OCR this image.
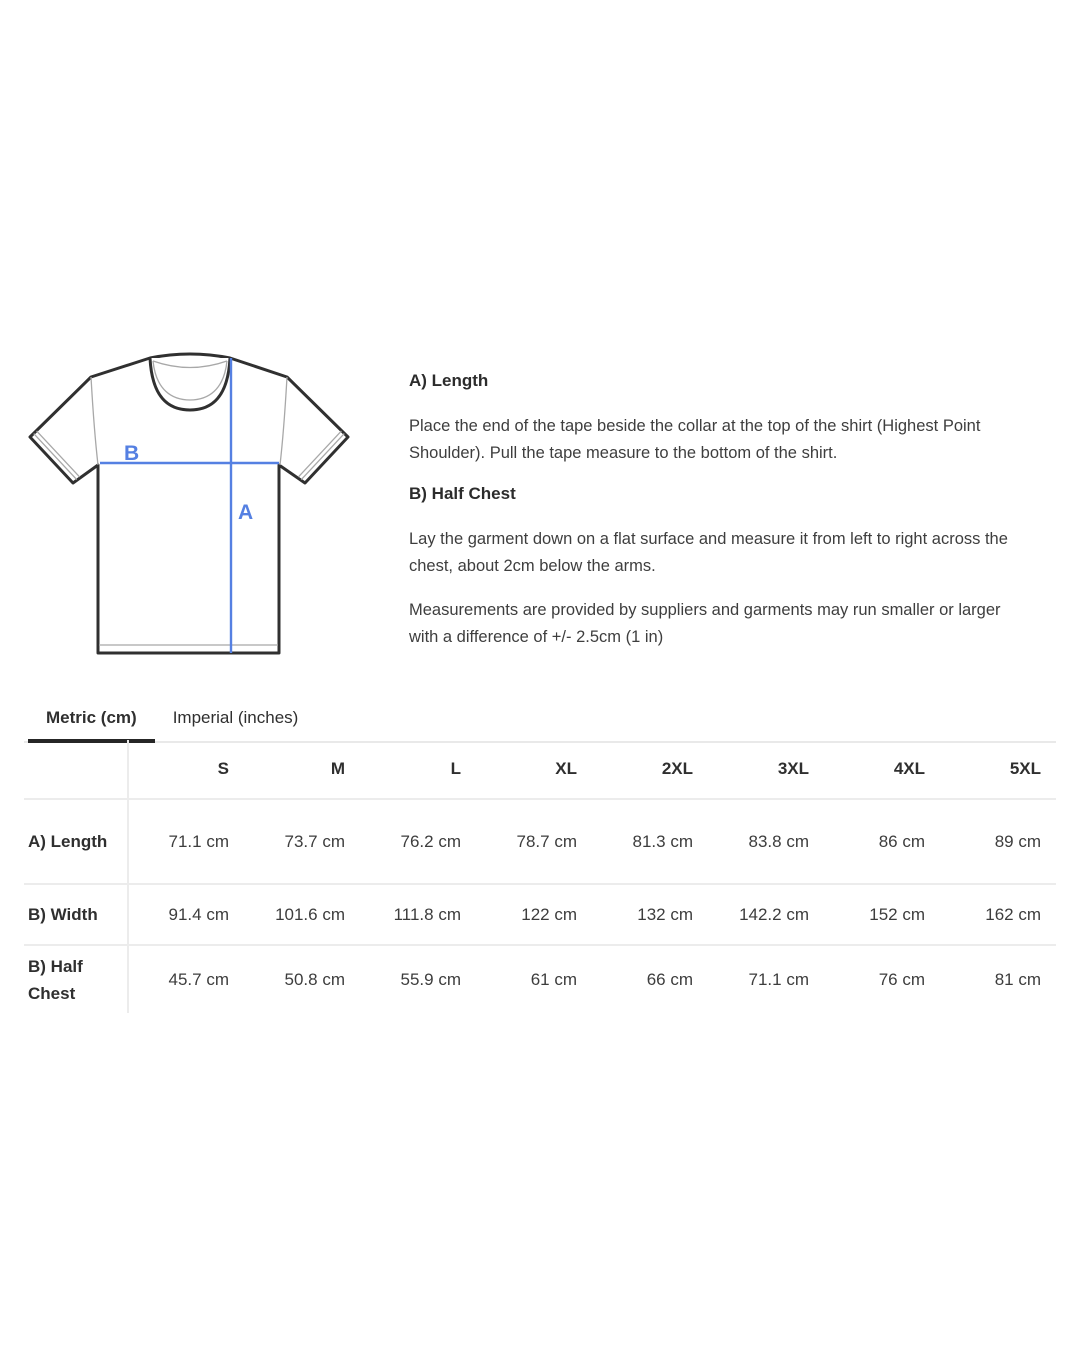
B
A
A) Length

Place the end of the tape beside the collar at the top of the shirt (Highest Point Shoulder). Pull the tape measure to the bottom of the shirt.

B) Half Chest

Lay the garment down on a flat surface and measure it from left to right across the chest, about 2cm below the arms.

Measurements are provided by suppliers and garments may run smaller or larger with a difference of +/- 2.5cm (1 in)

Metric (cm)	Imperial (inches)
	S	M	L	XL	2XL	3XL	4XL	5XL
A) Length	71.1 cm	73.7 cm	76.2 cm	78.7 cm	81.3 cm	83.8 cm	86 cm	89 cm
B) Width	91.4 cm	101.6 cm	111.8 cm	122 cm	132 cm	142.2 cm	152 cm	162 cm
B) Half Chest	45.7 cm	50.8 cm	55.9 cm	61 cm	66 cm	71.1 cm	76 cm	81 cm
